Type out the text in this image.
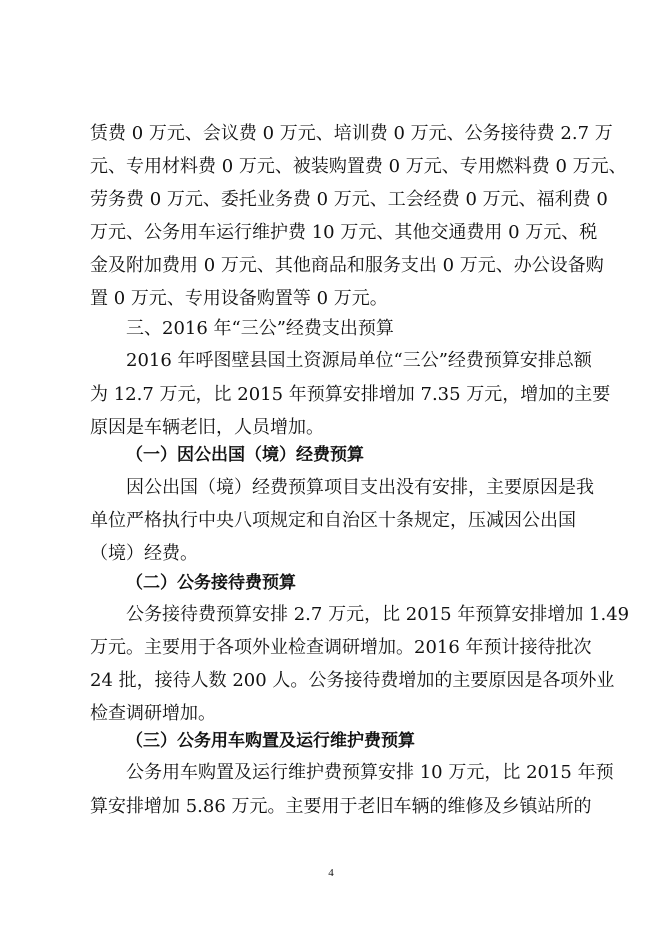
赁费 0 万元、会议费 0 万元、培训费 0 万元、公务接待费 2.7 万
元、专用材料费 0 万元、被装购置费 0 万元、专用燃料费 0 万元、
劳务费 0 万元、委托业务费 0 万元、工会经费 0 万元、福利费 0
万元、公务用车运行维护费 10 万元、其他交通费用 0 万元、税
金及附加费用 0 万元、其他商品和服务支出 0 万元、办公设备购
置 0 万元、专用设备购置等 0 万元。
三、2016 年“三公”经费支出预算
2016 年呼图壁县国土资源局单位“三公”经费预算安排总额
为 12.7 万元，比 2015 年预算安排增加 7.35 万元，增加的主要
原因是车辆老旧，人员增加。
（一）因公出国（境）经费预算
因公出国（境）经费预算项目支出没有安排，主要原因是我
单位严格执行中央八项规定和自治区十条规定，压减因公出国
（境）经费。
（二）公务接待费预算
公务接待费预算安排 2.7 万元，比 2015 年预算安排增加 1.49
万元。主要用于各项外业检查调研增加。2016 年预计接待批次
24 批，接待人数 200 人。公务接待费增加的主要原因是各项外业
检查调研增加。
（三）公务用车购置及运行维护费预算
公务用车购置及运行维护费预算安排 10 万元，比 2015 年预
算安排增加 5.86 万元。主要用于老旧车辆的维修及乡镇站所的
4
